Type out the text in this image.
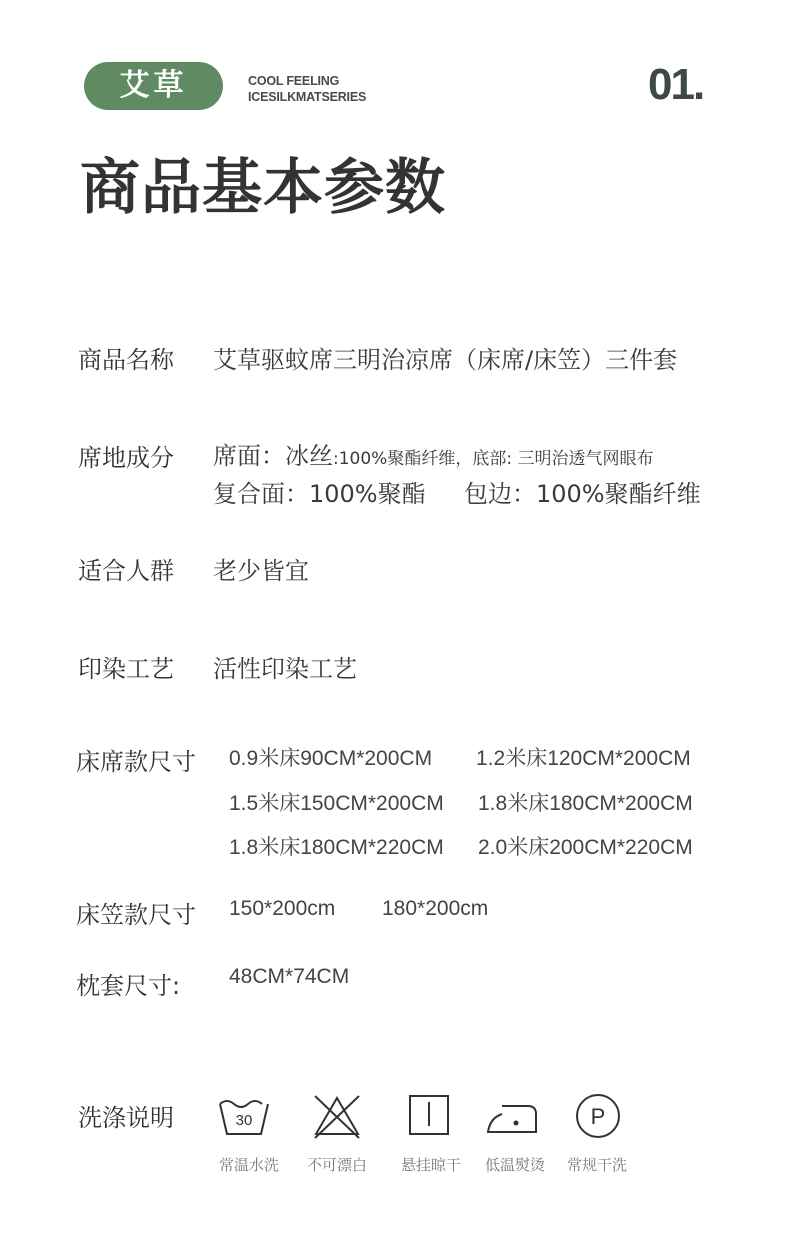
艾草	COOL FEELING
ICESILKMATSERIES	01.
商品基本参数
商品名称 艾草驱蚊席三明治凉席（床席/床笠）三件套
席地成分 席面：冰丝:100%聚酯纤维，底部: 三明治透气网眼布
复合面：100%聚酯 包边：100%聚酯纤维
适合人群 老少皆宜
印染工艺 活性印染工艺
床席款尺寸 0.9米床90CM*200CM 1.2米床120CM*200CM
1.5米床150CM*200CM 1.8米床180CM*200CM
1.8米床180CM*220CM 2.0米床200CM*220CM
床笠款尺寸 150*200cm 180*200cm
枕套尺寸: 48CM*74CM
洗涤说明	30	P
常温水洗	不可漂白	悬挂晾干	低温熨烫	常规干洗
